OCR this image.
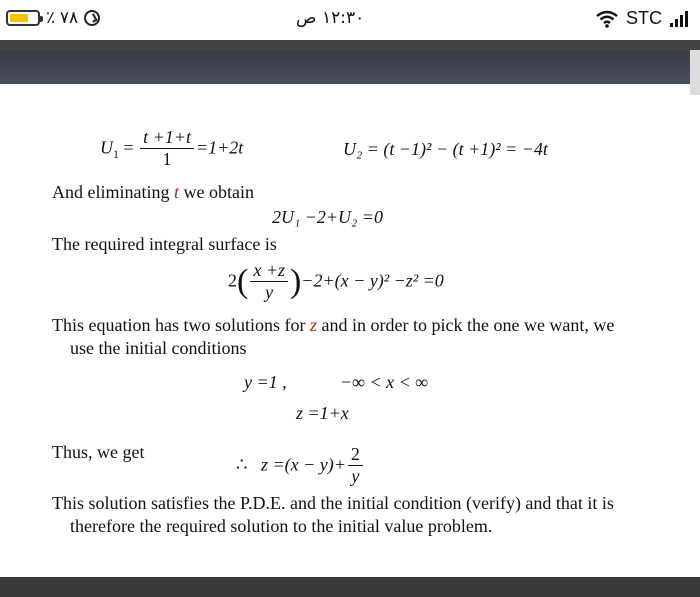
٪ ٧٨	١٢:٣٠ ص	STC
$U_1 = \frac{t +1+t}{1} =1+2t$	U₂ = (t −1)² − (t +1)² = −4t
And eliminating t we obtain
2U₁ −2+U₂ =0
The required integral surface is
$2( \frac{x +z}{y} )-2+(x - y)^2 -z^2 =0$
This equation has two solutions for z and in order to pick the one we want, we
use the initial conditions
y =1 ,	−∞ < x < ∞
z =1+x
Thus, we get
∴ $z =(x - y)+ \frac{2}{y}$
This solution satisfies the P.D.E. and the initial condition (verify) and that it is
therefore the required solution to the initial value problem.
